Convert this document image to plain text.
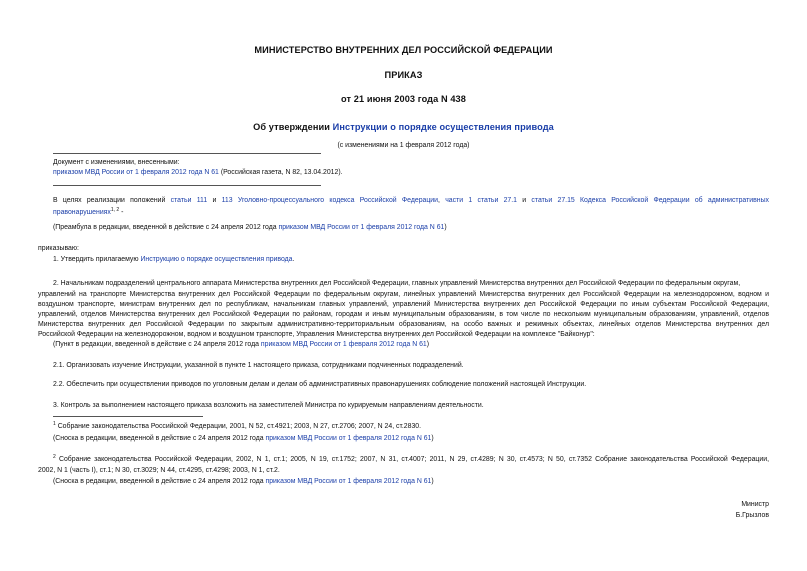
МИНИСТЕРСТВО ВНУТРЕННИХ ДЕЛ РОССИЙСКОЙ ФЕДЕРАЦИИ
ПРИКАЗ
от 21 июня 2003 года N 438
Об утверждении Инструкции о порядке осуществления привода
(с изменениями на 1 февраля 2012 года)
Документ с изменениями, внесенными:
приказом МВД России от 1 февраля 2012 года N 61 (Российская газета, N 82, 13.04.2012).
В целях реализации положений статьи 111 и 113 Уголовно-процессуального кодекса Российской Федерации, части 1 статьи 27.1 и статьи 27.15 Кодекса Российской Федерации об административных
правонарушениях$^{1, 2}$ -
(Преамбула в редакции, введенной в действие с 24 апреля 2012 года приказом МВД России от 1 февраля 2012 года N 61)
приказываю:
1. Утвердить прилагаемую Инструкцию о порядке осуществления привода.
2. Начальникам подразделений центрального аппарата Министерства внутренних дел Российской Федерации, главных управлений Министерства внутренних дел Российской Федерации по федеральным округам,
управлений на транспорте Министерства внутренних дел Российской Федерации по федеральным округам, линейных управлений Министерства внутренних дел Российской Федерации на железнодорожном, водном и
воздушном транспорте, министрам внутренних дел по республикам, начальникам главных управлений, управлений Министерства внутренних дел Российской Федерации по иным субъектам Российской Федерации,
управлений, отделов Министерства внутренних дел Российской Федерации по районам, городам и иным муниципальным образованиям, в том числе по нескольким муниципальным образованиям, управлений, отделов
Министерства внутренних дел Российской Федерации по закрытым административно-территориальным образованиям, на особо важных и режимных объектах, линейных отделов Министерства внутренних дел
Российской Федерации на железнодорожном, водном и воздушном транспорте, Управления Министерства внутренних дел Российской Федерации на комплексе "Байконур":
(Пункт в редакции, введенной в действие с 24 апреля 2012 года приказом МВД России от 1 февраля 2012 года N 61)
2.1. Организовать изучение Инструкции, указанной в пункте 1 настоящего приказа, сотрудниками подчиненных подразделений.
2.2. Обеспечить при осуществлении приводов по уголовным делам и делам об административных правонарушениях соблюдение положений настоящей Инструкции.
3. Контроль за выполнением настоящего приказа возложить на заместителей Министра по курируемым направлениям деятельности.
$^1$ Собрание законодательства Российской Федерации, 2001, N 52, ст.4921; 2003, N 27, ст.2706; 2007, N 24, ст.2830.
(Сноска в редакции, введенной в действие с 24 апреля 2012 года приказом МВД России от 1 февраля 2012 года N 61)
$^2$ Собрание законодательства Российской Федерации, 2002, N 1, ст.1; 2005, N 19, ст.1752; 2007, N 31, ст.4007; 2011, N 29, ст.4289; N 30, ст.4573; N 50, ст.7352 Собрание законодательства Российской Федерации,
2002, N 1 (часть I), ст.1; N 30, ст.3029; N 44, ст.4295, ст.4298; 2003, N 1, ст.2.
(Сноска в редакции, введенной в действие с 24 апреля 2012 года приказом МВД России от 1 февраля 2012 года N 61)
Министр
Б.Грызлов
